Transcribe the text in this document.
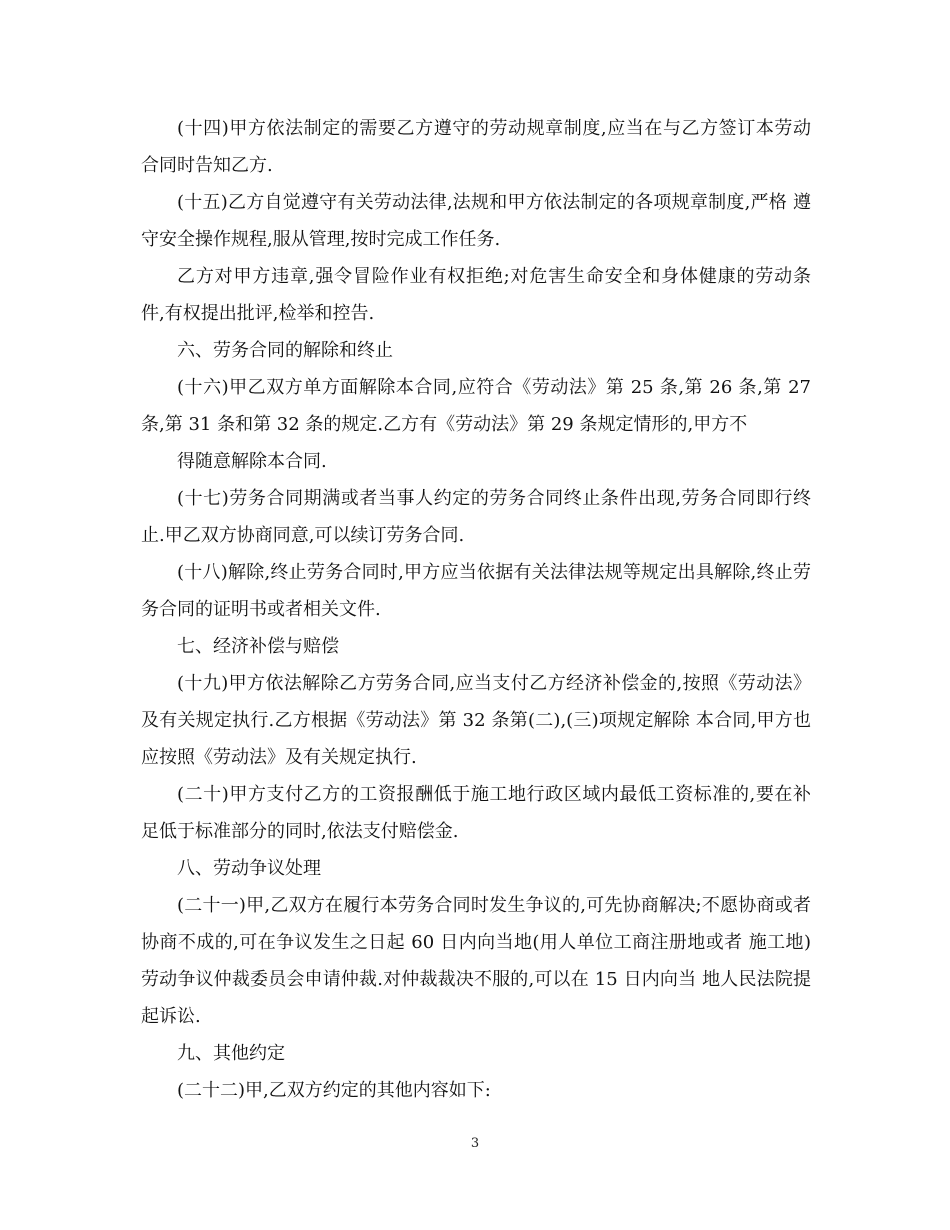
(十四)甲方依法制定的需要乙方遵守的劳动规章制度,应当在与乙方签订本劳动 合同时告知乙方.

(十五)乙方自觉遵守有关劳动法律,法规和甲方依法制定的各项规章制度,严格 遵守安全操作规程,服从管理,按时完成工作任务.

乙方对甲方违章,强令冒险作业有权拒绝;对危害生命安全和身体健康的劳动条 件,有权提出批评,检举和控告.

六、劳务合同的解除和终止

(十六)甲乙双方单方面解除本合同,应符合《劳动法》第 25 条,第 26 条,第 27 条,第 31 条和第 32 条的规定.乙方有《劳动法》第 29 条规定情形的,甲方不

得随意解除本合同.

(十七)劳务合同期满或者当事人约定的劳务合同终止条件出现,劳务合同即行终 止.甲乙双方协商同意,可以续订劳务合同.

(十八)解除,终止劳务合同时,甲方应当依据有关法律法规等规定出具解除,终止劳务合同的证明书或者相关文件.

七、经济补偿与赔偿

(十九)甲方依法解除乙方劳务合同,应当支付乙方经济补偿金的,按照《劳动法》及有关规定执行.乙方根据《劳动法》第 32 条第(二),(三)项规定解除 本合同,甲方也应按照《劳动法》及有关规定执行.

(二十)甲方支付乙方的工资报酬低于施工地行政区域内最低工资标准的,要在补 足低于标准部分的同时,依法支付赔偿金.

八、劳动争议处理

(二十一)甲,乙双方在履行本劳务合同时发生争议的,可先协商解决;不愿协商或者协商不成的,可在争议发生之日起 60 日内向当地(用人单位工商注册地或者 施工地)劳动争议仲裁委员会申请仲裁.对仲裁裁决不服的,可以在 15 日内向当 地人民法院提起诉讼.

九、其他约定

(二十二)甲,乙双方约定的其他内容如下:

3
